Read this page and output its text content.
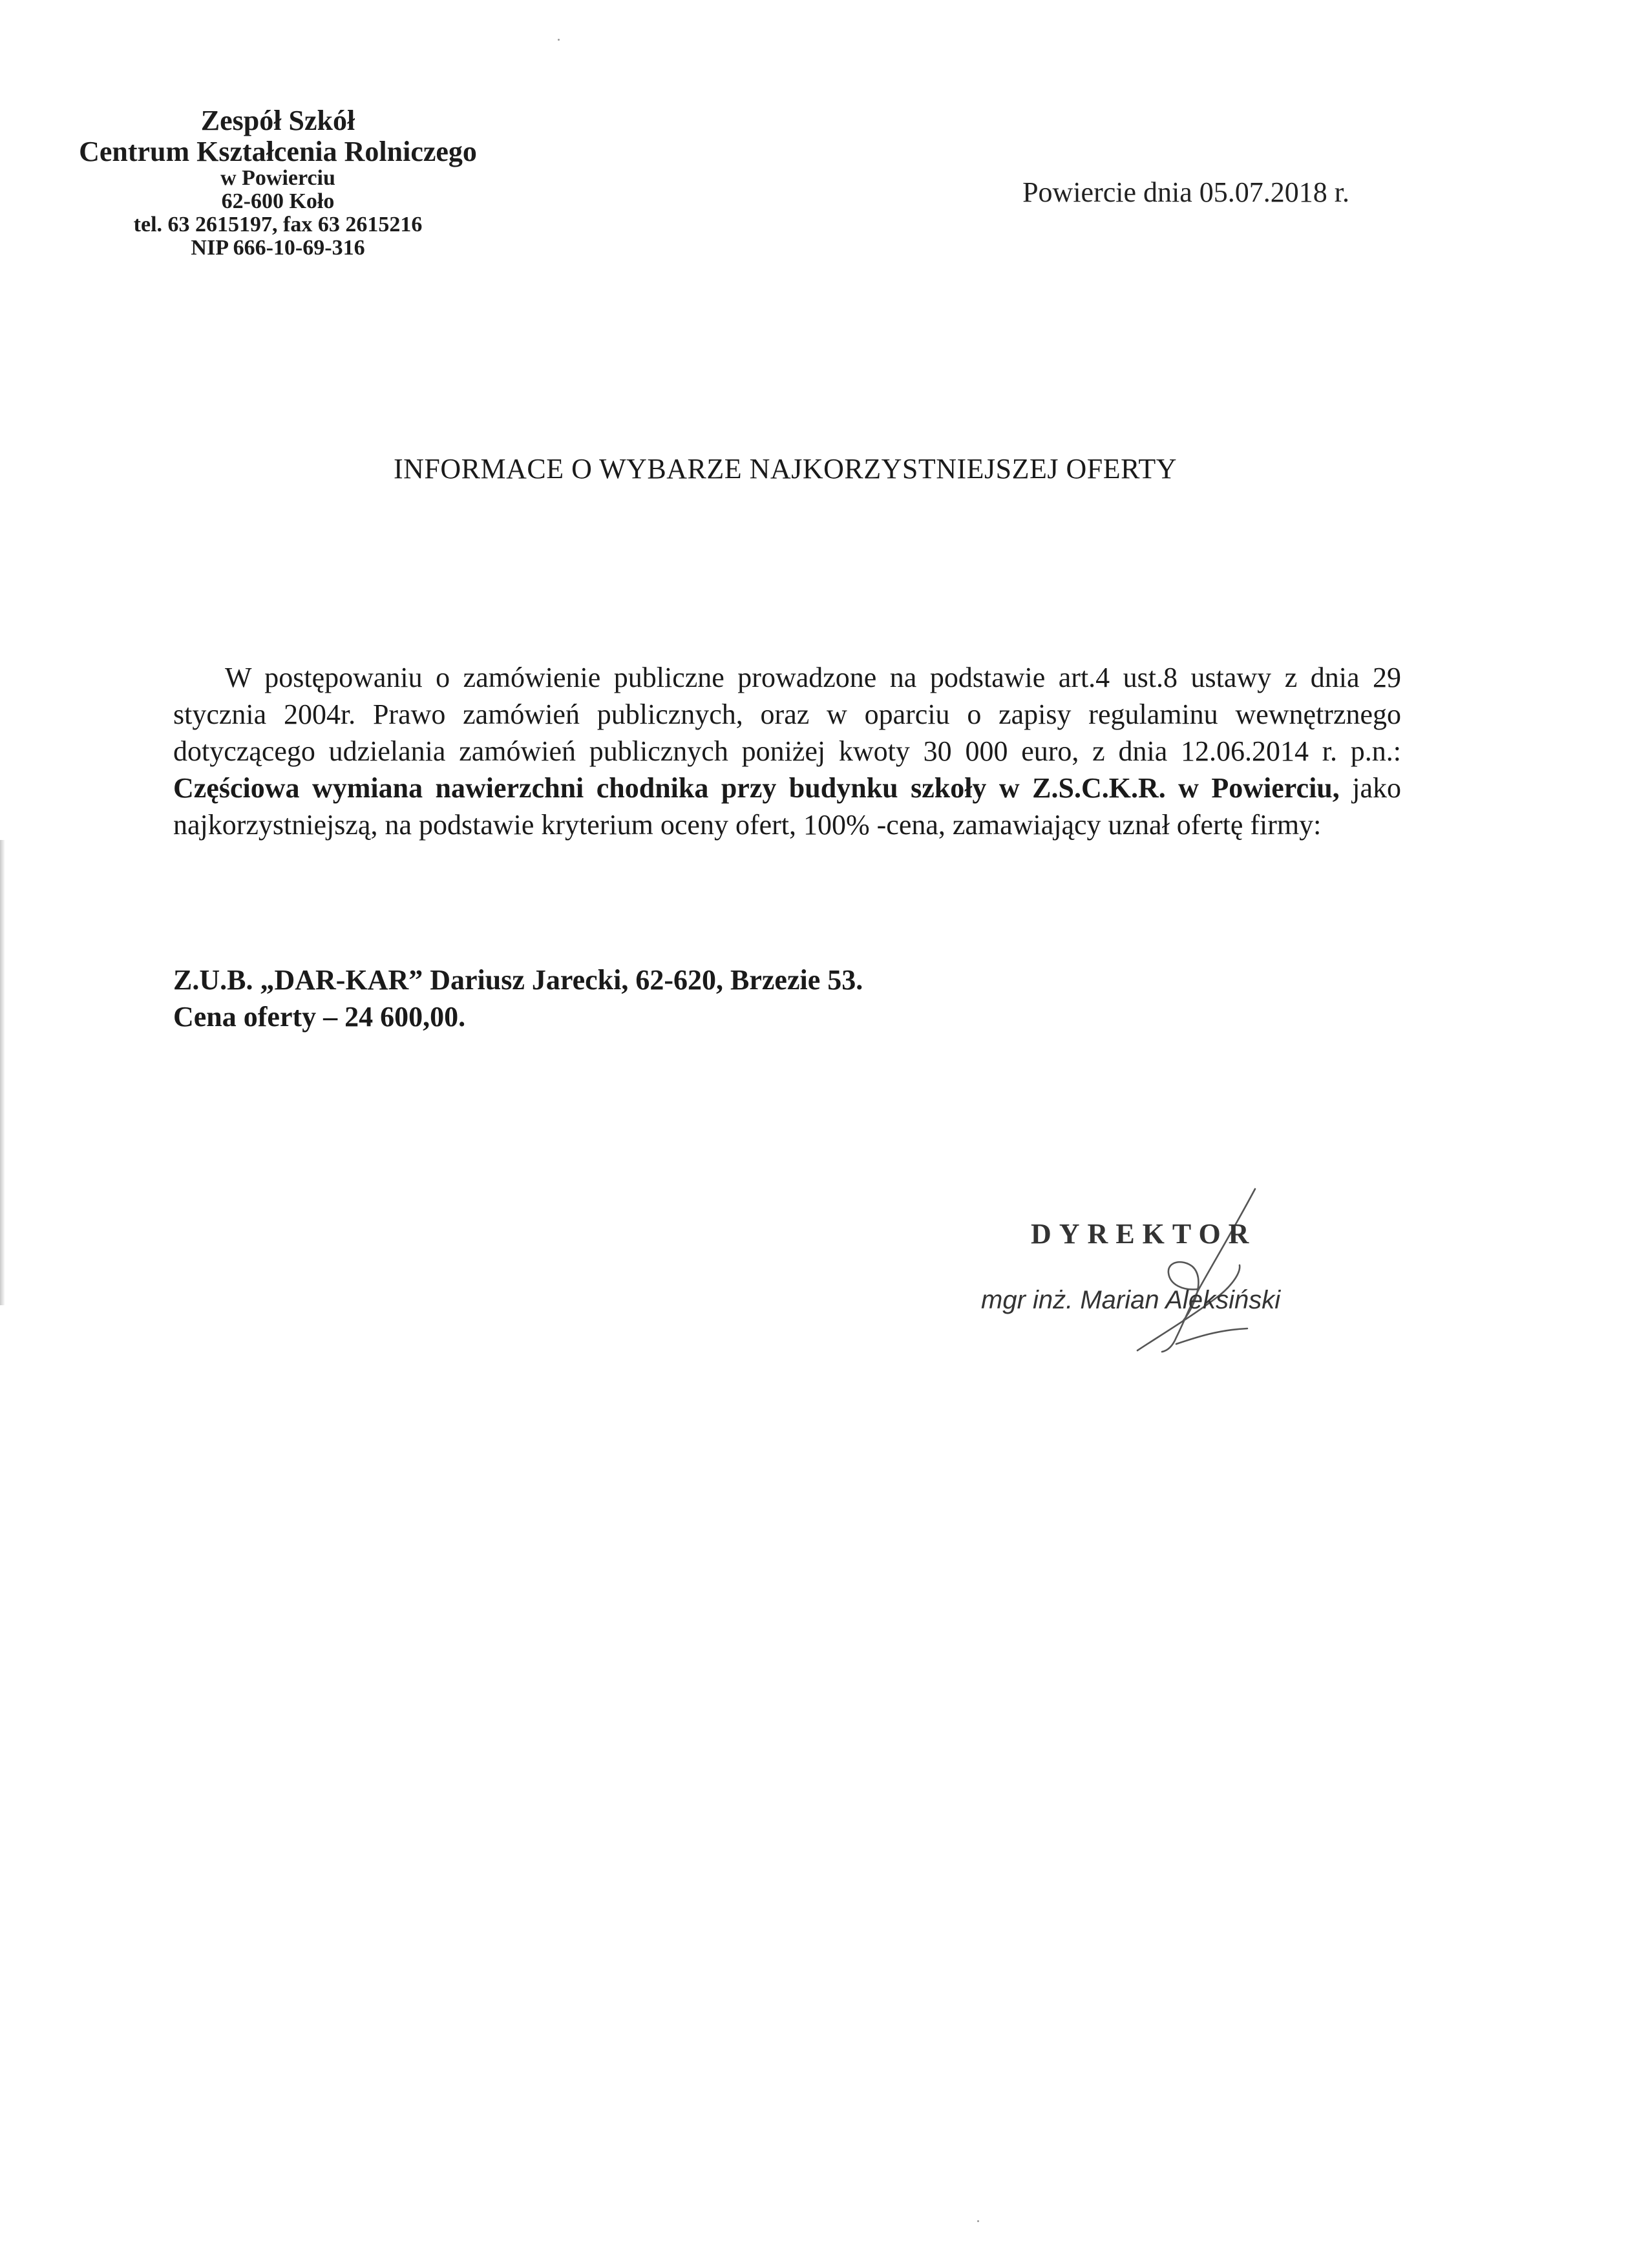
Zespół Szkół
Centrum Kształcenia Rolniczego
w Powierciu
62-600 Koło
tel. 63 2615197, fax 63 2615216
NIP 666-10-69-316
Powiercie dnia 05.07.2018 r.
INFORMACE O WYBARZE NAJKORZYSTNIEJSZEJ OFERTY
W postępowaniu o zamówienie publiczne prowadzone na podstawie art.4 ust.8 ustawy z dnia 29 stycznia 2004r. Prawo zamówień publicznych, oraz w oparciu o zapisy regulaminu wewnętrznego dotyczącego udzielania zamówień publicznych poniżej kwoty 30 000 euro, z dnia 12.06.2014 r. p.n.: Częściowa wymiana nawierzchni chodnika przy budynku szkoły w Z.S.C.K.R. w Powierciu, jako najkorzystniejszą, na podstawie kryterium oceny ofert, 100% -cena, zamawiający uznał ofertę firmy:
Z.U.B. „DAR-KAR” Dariusz Jarecki, 62-620, Brzezie 53.
Cena oferty – 24 600,00.
DYREKTOR
mgr inż. Marian Aleksiński
